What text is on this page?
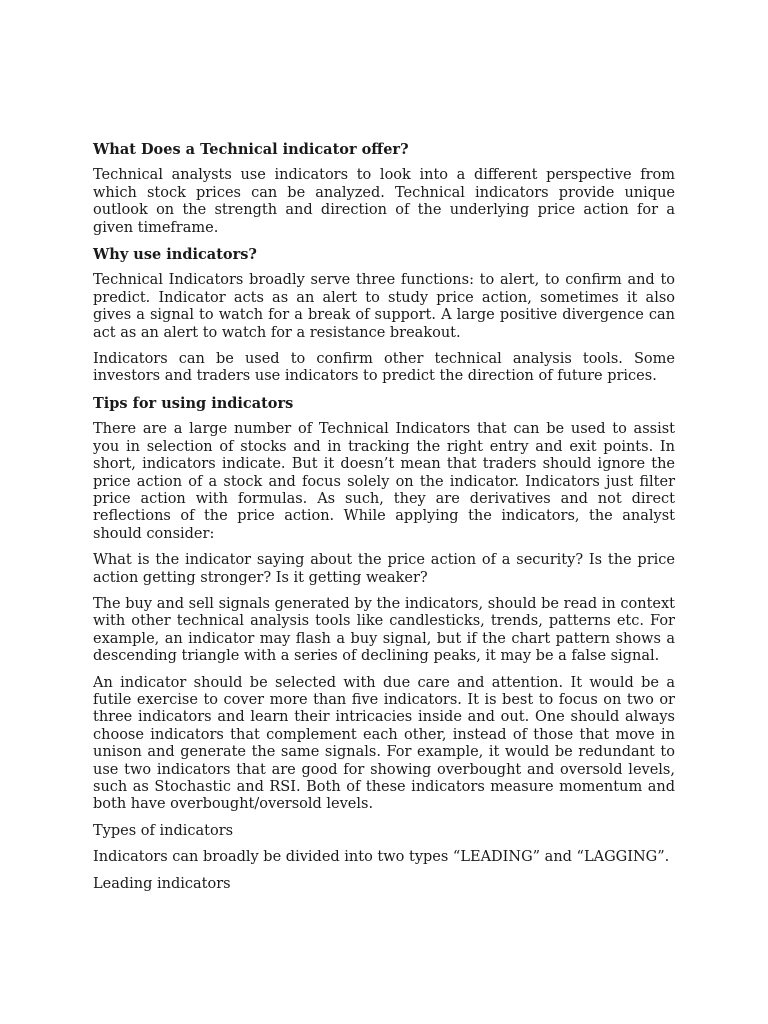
What Does a Technical indicator offer?
Technical analysts use indicators to look into a different perspective from which stock prices can be analyzed. Technical indicators provide unique outlook on the strength and direction of the underlying price action for a given timeframe.
Why use indicators?
Technical Indicators broadly serve three functions: to alert, to confirm and to predict. Indicator acts as an alert to study price action, sometimes it also gives a signal to watch for a break of support. A large positive divergence can act as an alert to watch for a resistance breakout.
Indicators can be used to confirm other technical analysis tools. Some investors and traders use indicators to predict the direction of future prices.
Tips for using indicators
There are a large number of Technical Indicators that can be used to assist you in selection of stocks and in tracking the right entry and exit points. In short, indicators indicate. But it doesn’t mean that traders should ignore the price action of a stock and focus solely on the indicator. Indicators just filter price action with formulas. As such, they are derivatives and not direct reflections of the price action. While applying the indicators, the analyst should consider:
What is the indicator saying about the price action of a security? Is the price action getting stronger? Is it getting weaker?
The buy and sell signals generated by the indicators, should be read in context with other technical analysis tools like candlesticks, trends, patterns etc. For example, an indicator may flash a buy signal, but if the chart pattern shows a descending triangle with a series of declining peaks, it may be a false signal.
An indicator should be selected with due care and attention. It would be a futile exercise to cover more than five indicators. It is best to focus on two or three indicators and learn their intricacies inside and out. One should always choose indicators that complement each other, instead of those that move in unison and generate the same signals. For example, it would be redundant to use two indicators that are good for showing overbought and oversold levels, such as Stochastic and RSI. Both of these indicators measure momentum and both have overbought/oversold levels.
Types of indicators
Indicators can broadly be divided into two types “LEADING” and “LAGGING”.
Leading indicators
